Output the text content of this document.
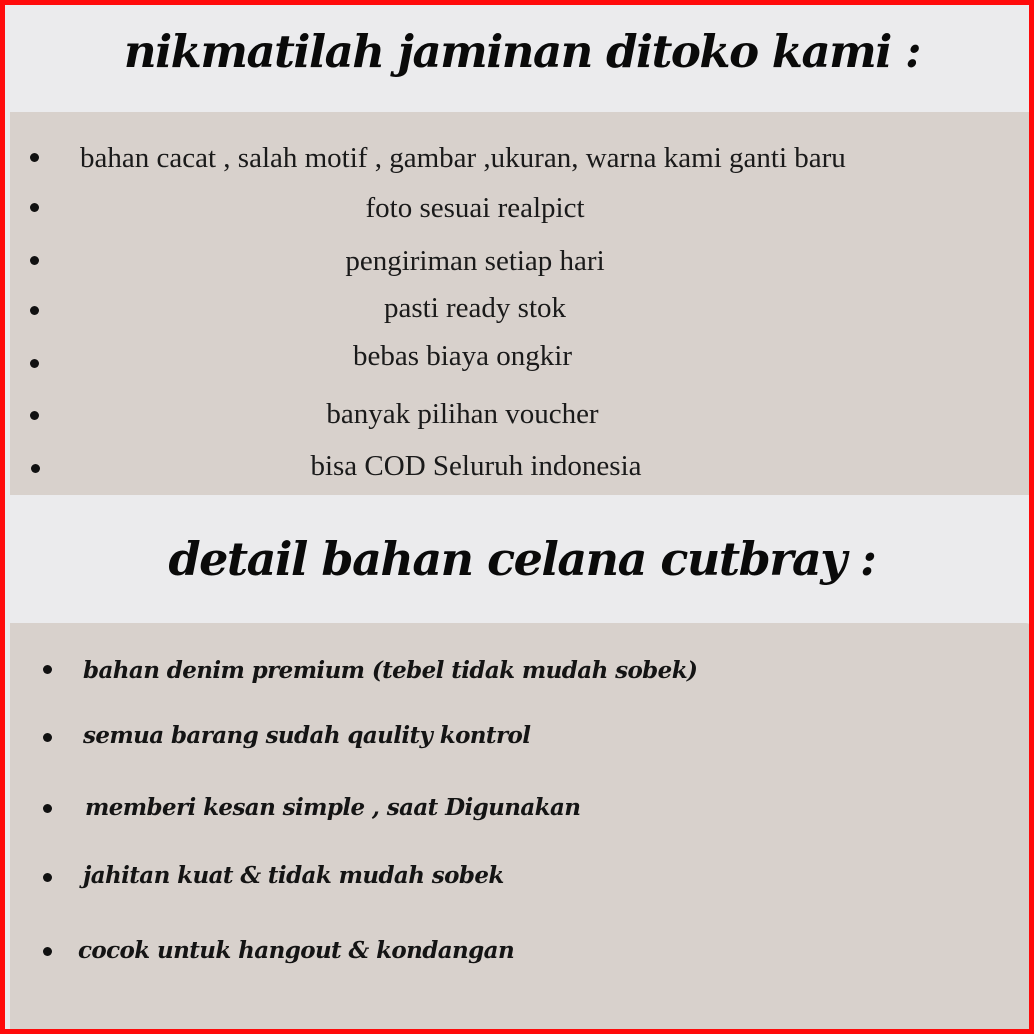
nikmatilah jaminan ditoko kami :
bahan cacat , salah motif , gambar ,ukuran, warna kami ganti baru
foto sesuai realpict
pengiriman setiap hari
pasti ready stok
bebas biaya ongkir
banyak pilihan voucher
bisa COD Seluruh indonesia
detail bahan celana cutbray :
bahan denim premium (tebel tidak mudah sobek)
semua barang sudah qaulity kontrol
memberi kesan simple , saat Digunakan
jahitan kuat & tidak mudah sobek
cocok untuk hangout & kondangan
